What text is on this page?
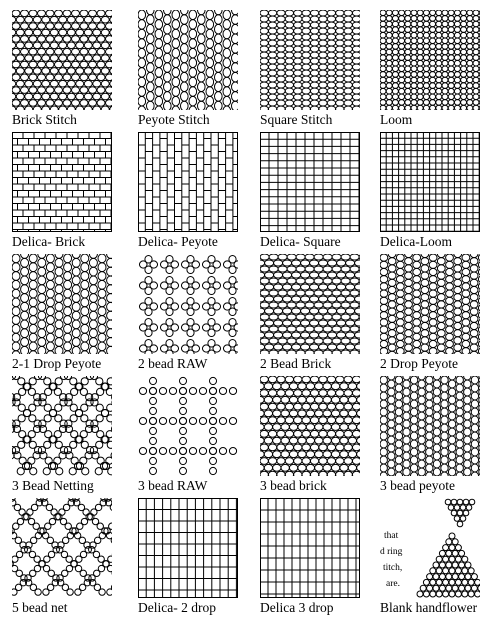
Brick Stitch	Peyote Stitch	Square Stitch	Loom
Delica- Brick	Delica- Peyote	Delica- Square	Delica-Loom
2-1 Drop Peyote	2 bead RAW	2 Bead Brick	2 Drop Peyote
3 Bead Netting	3 bead RAW	3 bead brick	3 bead peyote
that
d ring
titch,
are.
5 bead net	Delica- 2 drop	Delica 3 drop	Blank handflower
